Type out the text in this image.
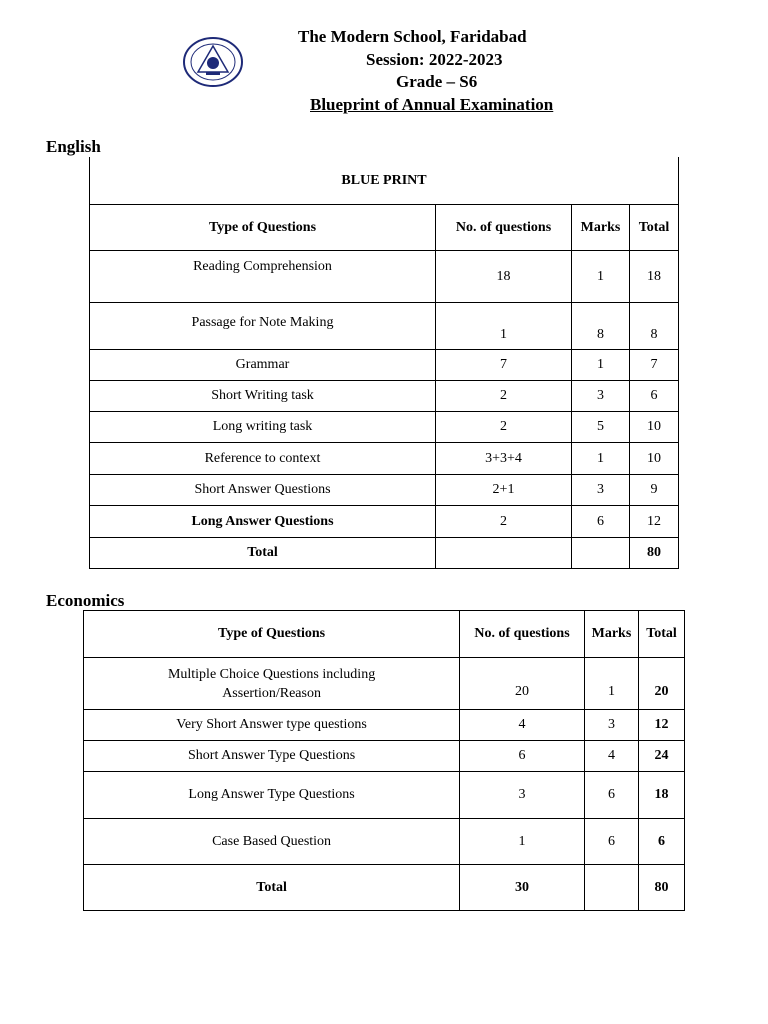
The Modern School, Faridabad
Session: 2022-2023
Grade – S6
Blueprint of Annual Examination
English
BLUE PRINT			
Type of Questions	No. of questions	Marks	Total
Reading Comprehension	18	1	18
Passage for Note Making	1	8	8
Grammar	7	1	7
Short Writing task	2	3	6
Long writing task	2	5	10
Reference to context	3+3+4	1	10
Short Answer Questions	2+1	3	9
Long Answer Questions	2	6	12
Total			80
Economics
Type of Questions	No. of questions	Marks	Total
Multiple Choice Questions including Assertion/Reason	20	1	20
Very Short Answer type questions	4	3	12
Short Answer Type Questions	6	4	24
Long Answer Type Questions	3	6	18
Case Based Question	1	6	6
Total	30		80
